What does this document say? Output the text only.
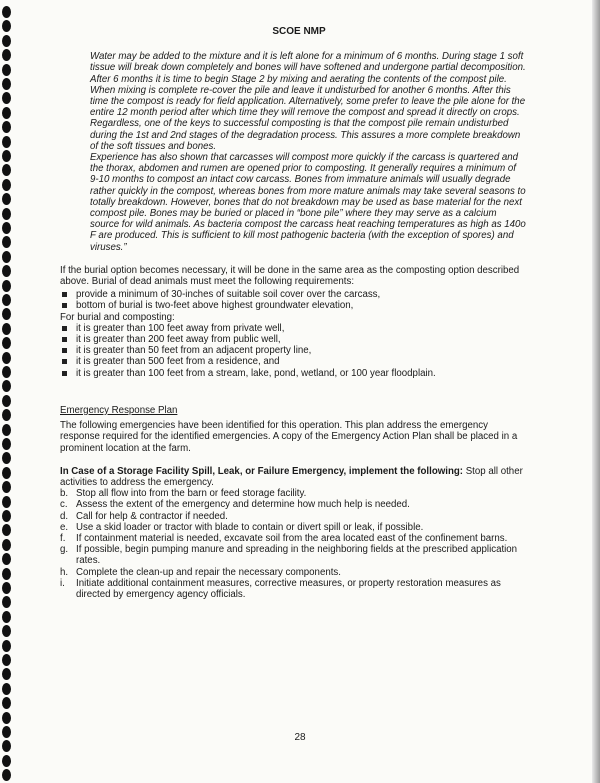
SCOE NMP

Water may be added to the mixture and it is left alone for a minimum of 6 months. During stage 1 soft tissue will break down completely and bones will have softened and undergone partial decomposition. After 6 months it is time to begin Stage 2 by mixing and aerating the contents of the compost pile. When mixing is complete re-cover the pile and leave it undisturbed for another 6 months. After this time the compost is ready for field application. Alternatively, some prefer to leave the pile alone for the entire 12 month period after which time they will remove the compost and spread it directly on crops. Regardless, one of the keys to successful composting is that the compost pile remain undisturbed during the 1st and 2nd stages of the degradation process. This assures a more complete breakdown of the soft tissues and bones.

Experience has also shown that carcasses will compost more quickly if the carcass is quartered and the thorax, abdomen and rumen are opened prior to composting. It generally requires a minimum of 9-10 months to compost an intact cow carcass. Bones from immature animals will usually degrade rather quickly in the compost, whereas bones from more mature animals may take several seasons to totally breakdown. However, bones that do not breakdown may be used as base material for the next compost pile. Bones may be buried or placed in “bone pile” where they may serve as a calcium source for wild animals. As bacteria compost the carcass heat reaching temperatures as high as 140o F are produced. This is sufficient to kill most pathogenic bacteria (with the exception of spores) and viruses.”

If the burial option becomes necessary, it will be done in the same area as the composting option described above. Burial of dead animals must meet the following requirements:

provide a minimum of 30-inches of suitable soil cover over the carcass,
bottom of burial is two-feet above highest groundwater elevation,
For burial and composting:
it is greater than 100 feet away from private well,
it is greater than 200 feet away from public well,
it is greater than 50 feet from an adjacent property line,
it is greater than 500 feet from a residence, and
it is greater than 100 feet from a stream, lake, pond, wetland, or 100 year floodplain.
Emergency Response Plan

The following emergencies have been identified for this operation. This plan address the emergency response required for the identified emergencies. A copy of the Emergency Action Plan shall be placed in a prominent location at the farm.

In Case of a Storage Facility Spill, Leak, or Failure Emergency, implement the following: Stop all other activities to address the emergency.

b. Stop all flow into from the barn or feed storage facility.
c. Assess the extent of the emergency and determine how much help is needed.
d. Call for help & contractor if needed.
e. Use a skid loader or tractor with blade to contain or divert spill or leak, if possible.
f. If containment material is needed, excavate soil from the area located east of the confinement barns.
g. If possible, begin pumping manure and spreading in the neighboring fields at the prescribed application rates.
h. Complete the clean-up and repair the necessary components.
i. Initiate additional containment measures, corrective measures, or property restoration measures as directed by emergency agency officials.
28
